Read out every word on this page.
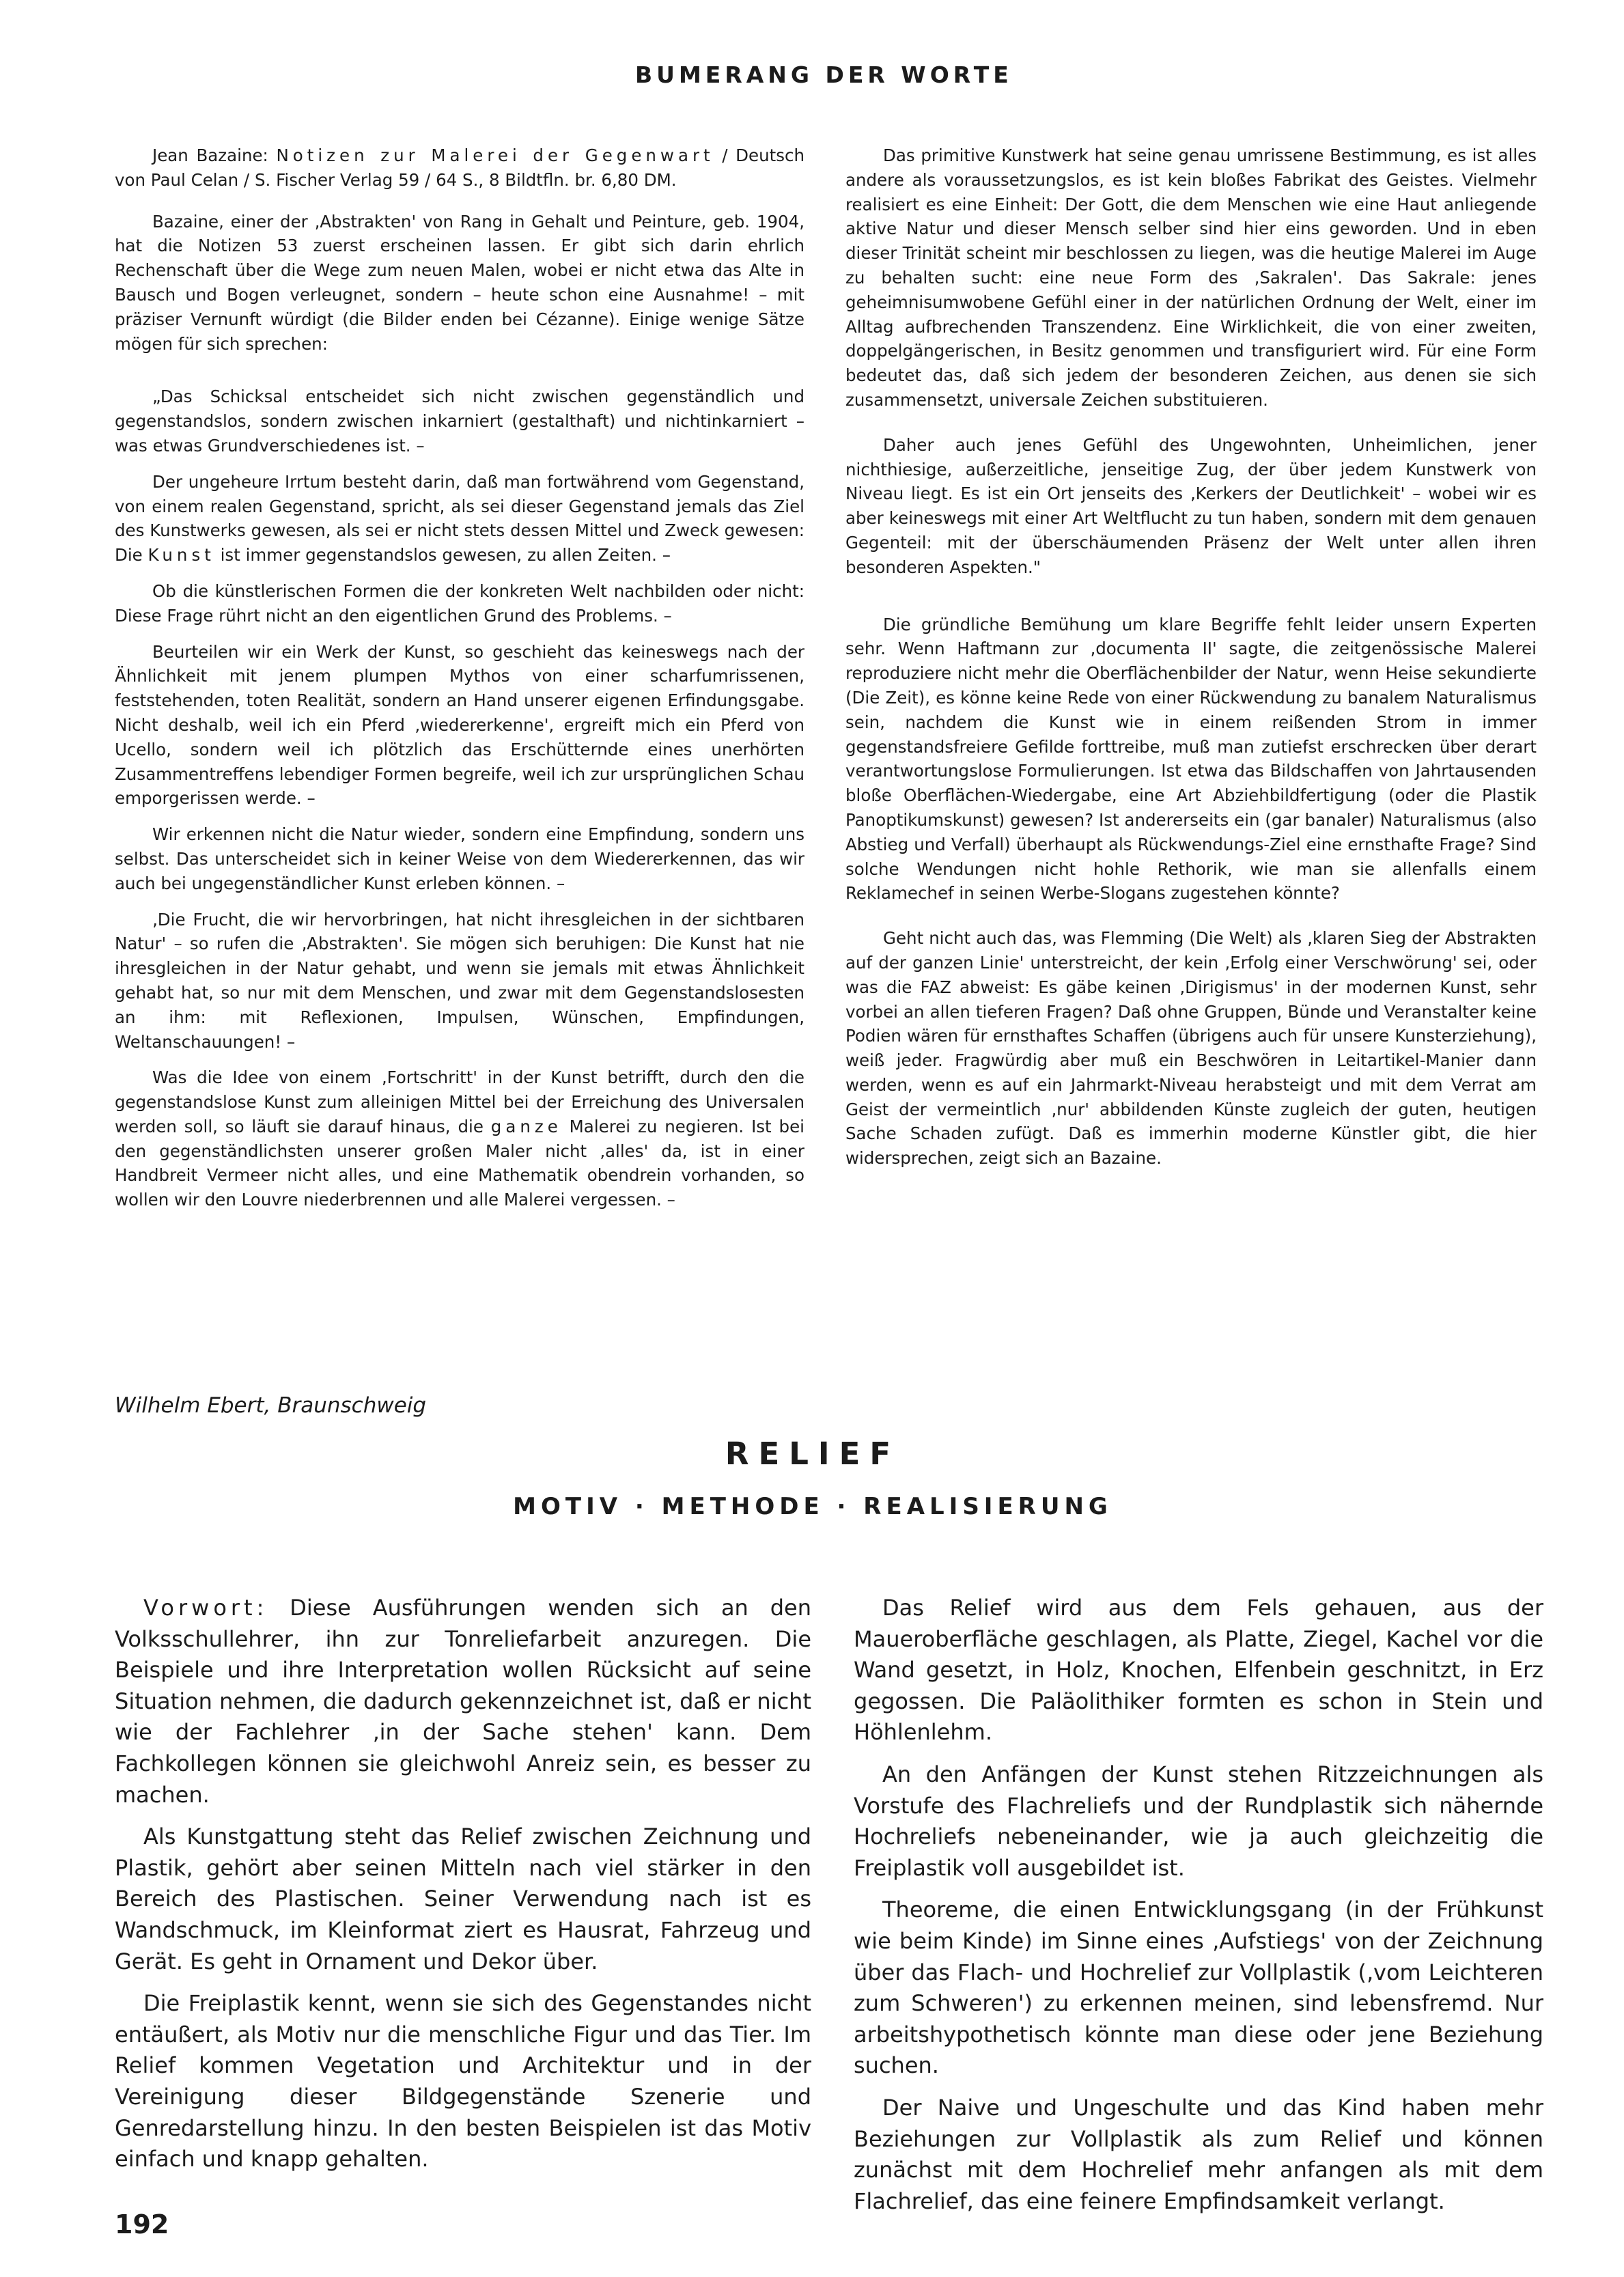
BUMERANG DER WORTE

Jean Bazaine: Notizen zur Malerei der Gegenwart / Deutsch von Paul Celan / S. Fischer Verlag 59 / 64 S., 8 Bildtfln. br. 6,80 DM.

Bazaine, einer der ‚Abstrakten' von Rang in Gehalt und Peinture, geb. 1904, hat die Notizen 53 zuerst erscheinen lassen. Er gibt sich darin ehrlich Rechenschaft über die Wege zum neuen Malen, wobei er nicht etwa das Alte in Bausch und Bogen verleugnet, sondern – heute schon eine Ausnahme! – mit präziser Vernunft würdigt (die Bilder enden bei Cézanne). Einige wenige Sätze mögen für sich sprechen:

„Das Schicksal entscheidet sich nicht zwischen gegenständlich und gegenstandslos, sondern zwischen inkarniert (gestalthaft) und nichtinkarniert – was etwas Grundverschiedenes ist. –

Der ungeheure Irrtum besteht darin, daß man fortwährend vom Gegenstand, von einem realen Gegenstand, spricht, als sei dieser Gegenstand jemals das Ziel des Kunstwerks gewesen, als sei er nicht stets dessen Mittel und Zweck gewesen: Die Kunst ist immer gegenstandslos gewesen, zu allen Zeiten. –

Ob die künstlerischen Formen die der konkreten Welt nachbilden oder nicht: Diese Frage rührt nicht an den eigentlichen Grund des Problems. –

Beurteilen wir ein Werk der Kunst, so geschieht das keineswegs nach der Ähnlichkeit mit jenem plumpen Mythos von einer scharfumrissenen, feststehenden, toten Realität, sondern an Hand unserer eigenen Erfindungsgabe. Nicht deshalb, weil ich ein Pferd ‚wiedererkenne', ergreift mich ein Pferd von Ucello, sondern weil ich plötzlich das Erschütternde eines unerhörten Zusammentreffens lebendiger Formen begreife, weil ich zur ursprünglichen Schau emporgerissen werde. –

Wir erkennen nicht die Natur wieder, sondern eine Empfindung, sondern uns selbst. Das unterscheidet sich in keiner Weise von dem Wiedererkennen, das wir auch bei ungegenständlicher Kunst erleben können. –

‚Die Frucht, die wir hervorbringen, hat nicht ihresgleichen in der sichtbaren Natur' – so rufen die ‚Abstrakten'. Sie mögen sich beruhigen: Die Kunst hat nie ihresgleichen in der Natur gehabt, und wenn sie jemals mit etwas Ähnlichkeit gehabt hat, so nur mit dem Menschen, und zwar mit dem Gegenstandslosesten an ihm: mit Reflexionen, Impulsen, Wünschen, Empfindungen, Weltanschauungen! –

Was die Idee von einem ‚Fortschritt' in der Kunst betrifft, durch den die gegenstandslose Kunst zum alleinigen Mittel bei der Erreichung des Universalen werden soll, so läuft sie darauf hinaus, die ganze Malerei zu negieren. Ist bei den gegenständlichsten unserer großen Maler nicht ‚alles' da, ist in einer Handbreit Vermeer nicht alles, und eine Mathematik obendrein vorhanden, so wollen wir den Louvre niederbrennen und alle Malerei vergessen. –

Das primitive Kunstwerk hat seine genau umrissene Bestimmung, es ist alles andere als voraussetzungslos, es ist kein bloßes Fabrikat des Geistes. Vielmehr realisiert es eine Einheit: Der Gott, die dem Menschen wie eine Haut anliegende aktive Natur und dieser Mensch selber sind hier eins geworden. Und in eben dieser Trinität scheint mir beschlossen zu liegen, was die heutige Malerei im Auge zu behalten sucht: eine neue Form des ‚Sakralen'. Das Sakrale: jenes geheimnisumwobene Gefühl einer in der natürlichen Ordnung der Welt, einer im Alltag aufbrechenden Transzendenz. Eine Wirklichkeit, die von einer zweiten, doppelgängerischen, in Besitz genommen und transfiguriert wird. Für eine Form bedeutet das, daß sich jedem der besonderen Zeichen, aus denen sie sich zusammensetzt, universale Zeichen substituieren.

Daher auch jenes Gefühl des Ungewohnten, Unheimlichen, jener nichthiesige, außerzeitliche, jenseitige Zug, der über jedem Kunstwerk von Niveau liegt. Es ist ein Ort jenseits des ‚Kerkers der Deutlichkeit' – wobei wir es aber keineswegs mit einer Art Weltflucht zu tun haben, sondern mit dem genauen Gegenteil: mit der überschäumenden Präsenz der Welt unter allen ihren besonderen Aspekten."

Die gründliche Bemühung um klare Begriffe fehlt leider unsern Experten sehr. Wenn Haftmann zur ‚documenta II' sagte, die zeitgenössische Malerei reproduziere nicht mehr die Oberflächenbilder der Natur, wenn Heise sekundierte (Die Zeit), es könne keine Rede von einer Rückwendung zu banalem Naturalismus sein, nachdem die Kunst wie in einem reißenden Strom in immer gegenstandsfreiere Gefilde forttreibe, muß man zutiefst erschrecken über derart verantwortungslose Formulierungen. Ist etwa das Bildschaffen von Jahrtausenden bloße Oberflächen-Wiedergabe, eine Art Abziehbildfertigung (oder die Plastik Panoptikumskunst) gewesen? Ist andererseits ein (gar banaler) Naturalismus (also Abstieg und Verfall) überhaupt als Rückwendungs-Ziel eine ernsthafte Frage? Sind solche Wendungen nicht hohle Rethorik, wie man sie allenfalls einem Reklamechef in seinen Werbe-Slogans zugestehen könnte?

Geht nicht auch das, was Flemming (Die Welt) als ‚klaren Sieg der Abstrakten auf der ganzen Linie' unterstreicht, der kein ‚Erfolg einer Verschwörung' sei, oder was die FAZ abweist: Es gäbe keinen ‚Dirigismus' in der modernen Kunst, sehr vorbei an allen tieferen Fragen? Daß ohne Gruppen, Bünde und Veranstalter keine Podien wären für ernsthaftes Schaffen (übrigens auch für unsere Kunsterziehung), weiß jeder. Fragwürdig aber muß ein Beschwören in Leitartikel-Manier dann werden, wenn es auf ein Jahrmarkt-Niveau herabsteigt und mit dem Verrat am Geist der vermeintlich ‚nur' abbildenden Künste zugleich der guten, heutigen Sache Schaden zufügt. Daß es immerhin moderne Künstler gibt, die hier widersprechen, zeigt sich an Bazaine.

Wilhelm Ebert, Braunschweig
RELIEF
MOTIV · METHODE · REALISIERUNG

Vorwort: Diese Ausführungen wenden sich an den Volksschullehrer, ihn zur Tonreliefarbeit anzuregen. Die Beispiele und ihre Interpretation wollen Rücksicht auf seine Situation nehmen, die dadurch gekennzeichnet ist, daß er nicht wie der Fachlehrer ‚in der Sache stehen' kann. Dem Fachkollegen können sie gleichwohl Anreiz sein, es besser zu machen.

Als Kunstgattung steht das Relief zwischen Zeichnung und Plastik, gehört aber seinen Mitteln nach viel stärker in den Bereich des Plastischen. Seiner Verwendung nach ist es Wandschmuck, im Kleinformat ziert es Hausrat, Fahrzeug und Gerät. Es geht in Ornament und Dekor über.

Die Freiplastik kennt, wenn sie sich des Gegenstandes nicht entäußert, als Motiv nur die menschliche Figur und das Tier. Im Relief kommen Vegetation und Architektur und in der Vereinigung dieser Bildgegenstände Szenerie und Genredarstellung hinzu. In den besten Beispielen ist das Motiv einfach und knapp gehalten.

Das Relief wird aus dem Fels gehauen, aus der Maueroberfläche geschlagen, als Platte, Ziegel, Kachel vor die Wand gesetzt, in Holz, Knochen, Elfenbein geschnitzt, in Erz gegossen. Die Paläolithiker formten es schon in Stein und Höhlenlehm.

An den Anfängen der Kunst stehen Ritzzeichnungen als Vorstufe des Flachreliefs und der Rundplastik sich nähernde Hochreliefs nebeneinander, wie ja auch gleichzeitig die Freiplastik voll ausgebildet ist.

Theoreme, die einen Entwicklungsgang (in der Frühkunst wie beim Kinde) im Sinne eines ‚Aufstiegs' von der Zeichnung über das Flach- und Hochrelief zur Vollplastik (‚vom Leichteren zum Schweren') zu erkennen meinen, sind lebensfremd. Nur arbeitshypothetisch könnte man diese oder jene Beziehung suchen.

Der Naive und Ungeschulte und das Kind haben mehr Beziehungen zur Vollplastik als zum Relief und können zunächst mit dem Hochrelief mehr anfangen als mit dem Flachrelief, das eine feinere Empfindsamkeit verlangt.

192
